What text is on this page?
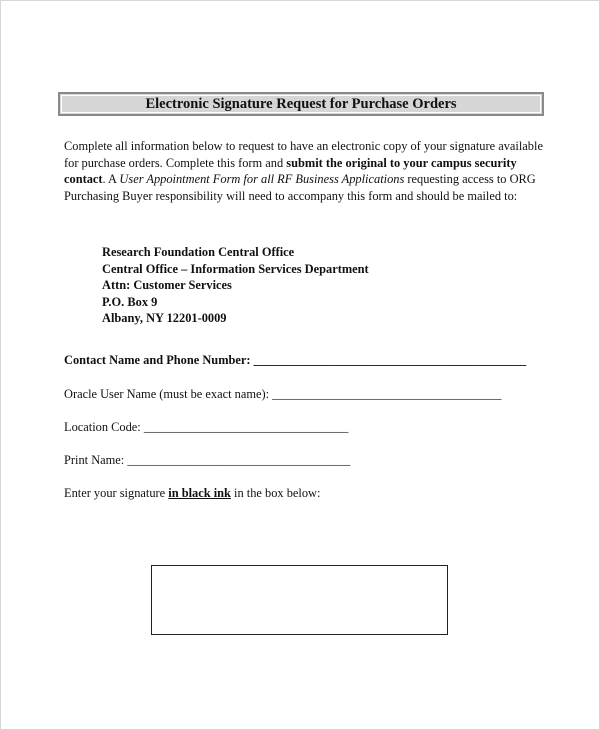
Electronic Signature Request for Purchase Orders
Complete all information below to request to have an electronic copy of your signature available for purchase orders. Complete this form and submit the original to your campus security contact. A User Appointment Form for all RF Business Applications requesting access to ORG Purchasing Buyer responsibility will need to accompany this form and should be mailed to:
Research Foundation Central Office
Central Office – Information Services Department
Attn: Customer Services
P.O. Box 9
Albany, NY 12201-0009
Contact Name and Phone Number: ____________________________________________
Oracle User Name (must be exact name): _____________________________________
Location Code: _________________________________
Print Name: ____________________________________
Enter your signature in black ink in the box below:
